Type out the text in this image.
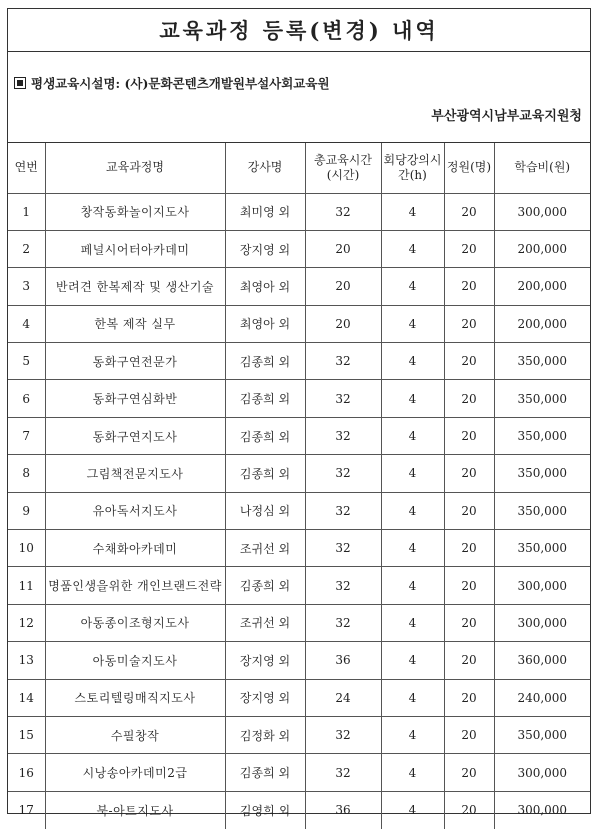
교육과정 등록(변경) 내역
평생교육시설명: (사)문화콘텐츠개발원부설사회교육원
부산광역시남부교육지원청
연번	교육과정명	강사명	총교육시간(시간)	회당강의시간(h)	정원(명)	학습비(원)
1	창작동화놀이지도사	최미영 외	32	4	20	300,000
2	페널시어터아카데미	장지영 외	20	4	20	200,000
3	반려견 한복제작 및 생산기술	최영아 외	20	4	20	200,000
4	한복 제작 실무	최영아 외	20	4	20	200,000
5	동화구연전문가	김종희 외	32	4	20	350,000
6	동화구연심화반	김종희 외	32	4	20	350,000
7	동화구연지도사	김종희 외	32	4	20	350,000
8	그림책전문지도사	김종희 외	32	4	20	350,000
9	유아독서지도사	나정심 외	32	4	20	350,000
10	수채화아카데미	조귀선 외	32	4	20	350,000
11	명품인생을위한 개인브랜드전략	김종희 외	32	4	20	300,000
12	아동종이조형지도사	조귀선 외	32	4	20	300,000
13	아동미술지도사	장지영 외	36	4	20	360,000
14	스토리텔링매직지도사	장지영 외	24	4	20	240,000
15	수필창작	김정화 외	32	4	20	350,000
16	시낭송아카데미2급	김종희 외	32	4	20	300,000
17	북-아트지도사	김영희 외	36	4	20	300,000
